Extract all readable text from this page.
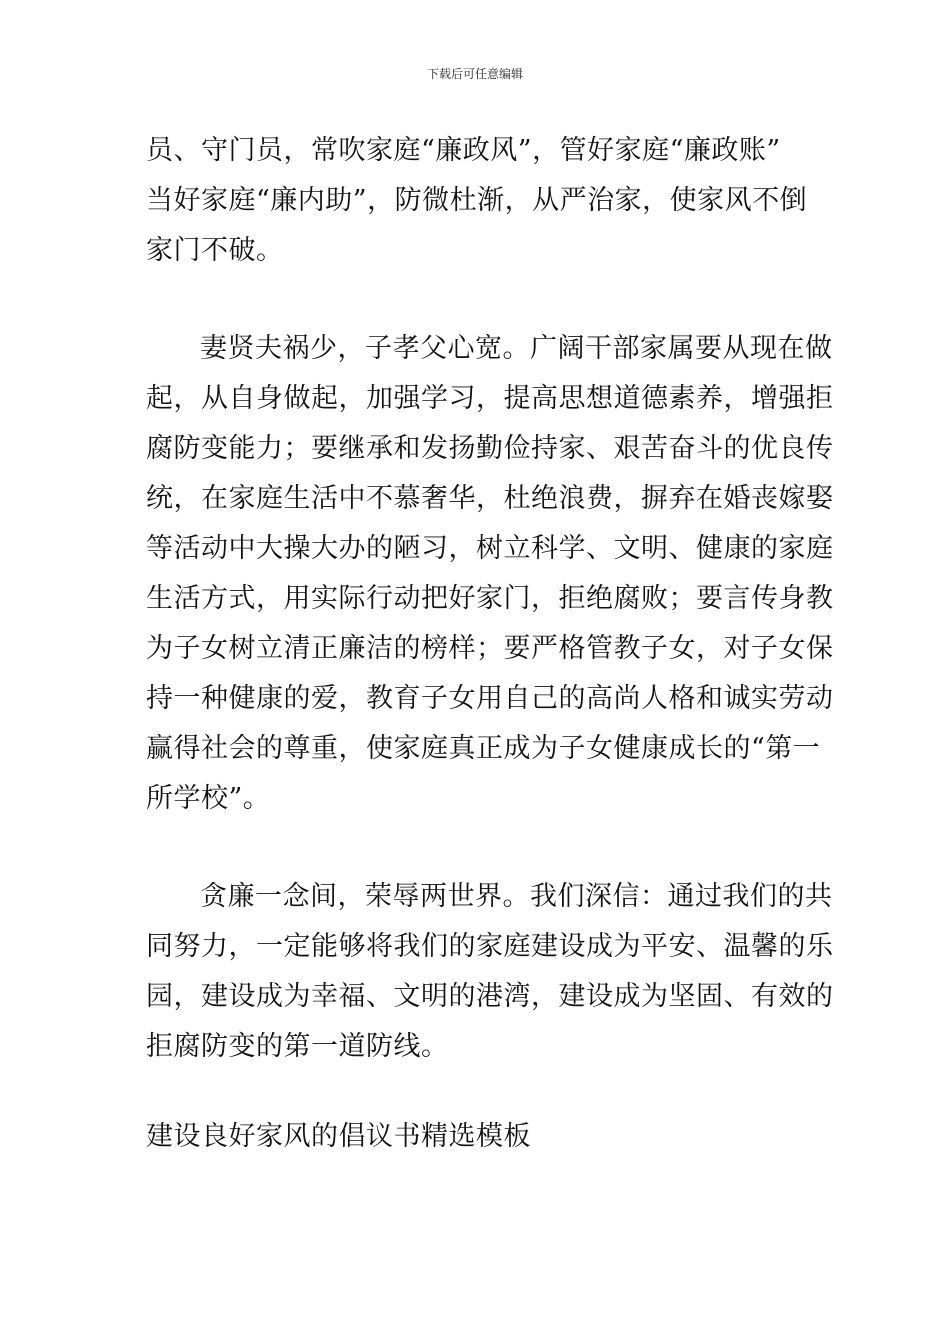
下载后可任意编辑
员、守门员，常吹家庭“廉政风”，管好家庭“廉政账”
当好家庭“廉内助”，防微杜渐，从严治家，使家风不倒
家门不破。
妻贤夫祸少，子孝父心宽。广阔干部家属要从现在做
起，从自身做起，加强学习，提高思想道德素养，增强拒
腐防变能力；要继承和发扬勤俭持家、艰苦奋斗的优良传
统，在家庭生活中不慕奢华，杜绝浪费，摒弃在婚丧嫁娶
等活动中大操大办的陋习，树立科学、文明、健康的家庭
生活方式，用实际行动把好家门，拒绝腐败；要言传身教
为子女树立清正廉洁的榜样；要严格管教子女，对子女保
持一种健康的爱，教育子女用自己的高尚人格和诚实劳动
赢得社会的尊重，使家庭真正成为子女健康成长的“第一
所学校”。
贪廉一念间，荣辱两世界。我们深信：通过我们的共
同努力，一定能够将我们的家庭建设成为平安、温馨的乐
园，建设成为幸福、文明的港湾，建设成为坚固、有效的
拒腐防变的第一道防线。
建设良好家风的倡议书精选模板
